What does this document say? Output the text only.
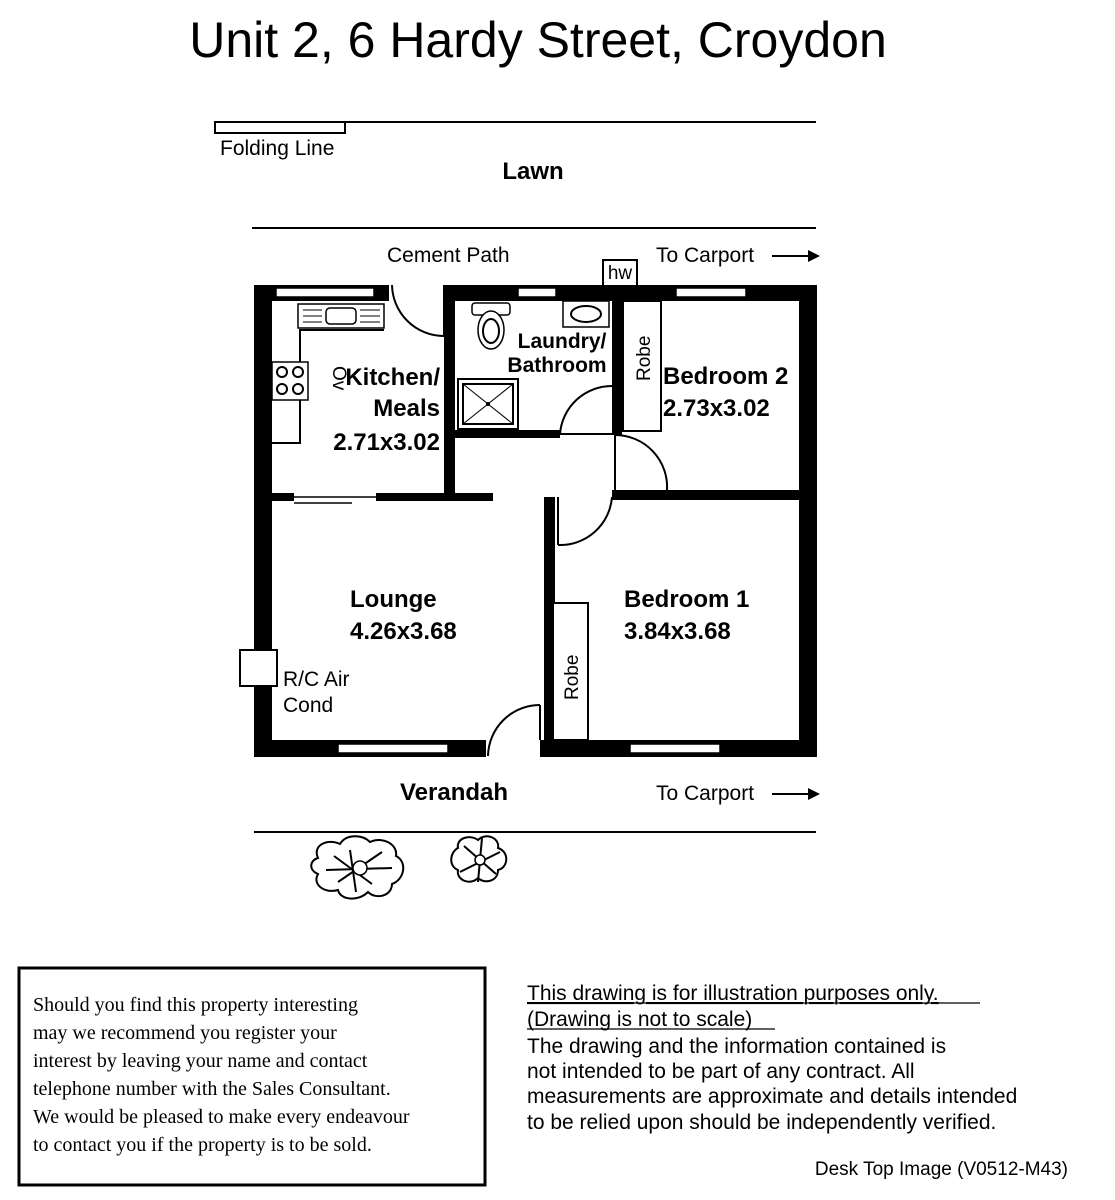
Unit 2, 6 Hardy Street, Croydon
Folding Line
Lawn
Cement Path	To Carport
hw
Ov	Robe
Robe
Kitchen/
Meals
2.71x3.02
Laundry/
Bathroom Bedroom 2
2.73x3.02
Lounge
4.26x3.68
R/C Air
Cond
Bedroom 1
3.84x3.68
Verandah	To Carport
Should you find this property interesting
may we recommend you register your
interest by leaving your name and contact
telephone number with the Sales Consultant.
We would be pleased to make every endeavour
to contact you if the property is to be sold.
This drawing is for illustration purposes only.
(Drawing is not to scale)
The drawing and the information contained is
not intended to be part of any contract. All
measurements are approximate and details intended
to be relied upon should be independently verified.
Desk Top Image (V0512-M43)
